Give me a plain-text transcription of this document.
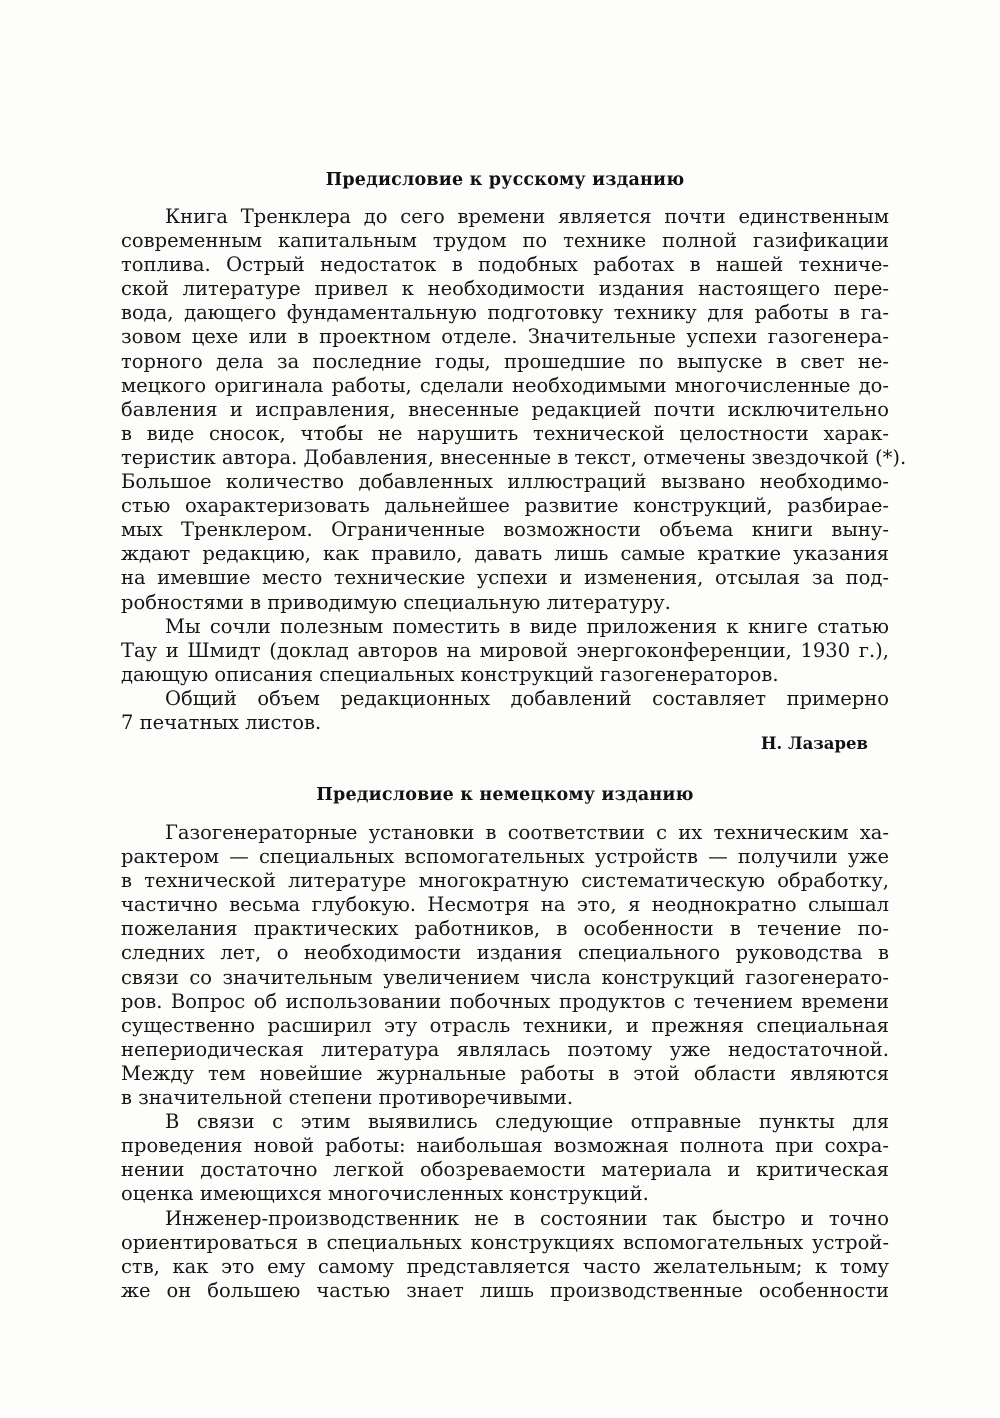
Предисловие к русскому изданию
Книга Тренклера до сего времени является почти единственным
современным капитальным трудом по технике полной газификации
топлива. Острый недостаток в подобных работах в нашей техниче-
ской литературе привел к необходимости издания настоящего пере-
вода, дающего фундаментальную подготовку технику для работы в га-
зовом цехе или в проектном отделе. Значительные успехи газогенера-
торного дела за последние годы, прошедшие по выпуске в свет не-
мецкого оригинала работы, сделали необходимыми многочисленные до-
бавления и исправления, внесенные редакцией почти исключительно
в виде сносок, чтобы не нарушить технической целостности харак-
теристик автора. Добавления, внесенные в текст, отмечены звездочкой (*).
Большое количество добавленных иллюстраций вызвано необходимо-
стью охарактеризовать дальнейшее развитие конструкций, разбирае-
мых Тренклером. Ограниченные возможности объема книги выну-
ждают редакцию, как правило, давать лишь самые краткие указания
на имевшие место технические успехи и изменения, отсылая за под-
робностями в приводимую специальную литературу.
Мы сочли полезным поместить в виде приложения к книге статью
Тау и Шмидт (доклад авторов на мировой энергоконференции, 1930 г.),
дающую описания специальных конструкций газогенераторов.
Общий объем редакционных добавлений составляет примерно
7 печатных листов.
Н. Лазарев
Предисловие к немецкому изданию
Газогенераторные установки в соответствии с их техническим ха-
рактером — специальных вспомогательных устройств — получили уже
в технической литературе многократную систематическую обработку,
частично весьма глубокую. Несмотря на это, я неоднократно слышал
пожелания практических работников, в особенности в течение по-
следних лет, о необходимости издания специального руководства в
связи со значительным увеличением числа конструкций газогенерато-
ров. Вопрос об использовании побочных продуктов с течением времени
существенно расширил эту отрасль техники, и прежняя специальная
непериодическая литература являлась поэтому уже недостаточной.
Между тем новейшие журнальные работы в этой области являются
в значительной степени противоречивыми.
В связи с этим выявились следующие отправные пункты для
проведения новой работы: наибольшая возможная полнота при сохра-
нении достаточно легкой обозреваемости материала и критическая
оценка имеющихся многочисленных конструкций.
Инженер-производственник не в состоянии так быстро и точно
ориентироваться в специальных конструкциях вспомогательных устрой-
ств, как это ему самому представляется часто желательным; к тому
же он большею частью знает лишь производственные особенности
